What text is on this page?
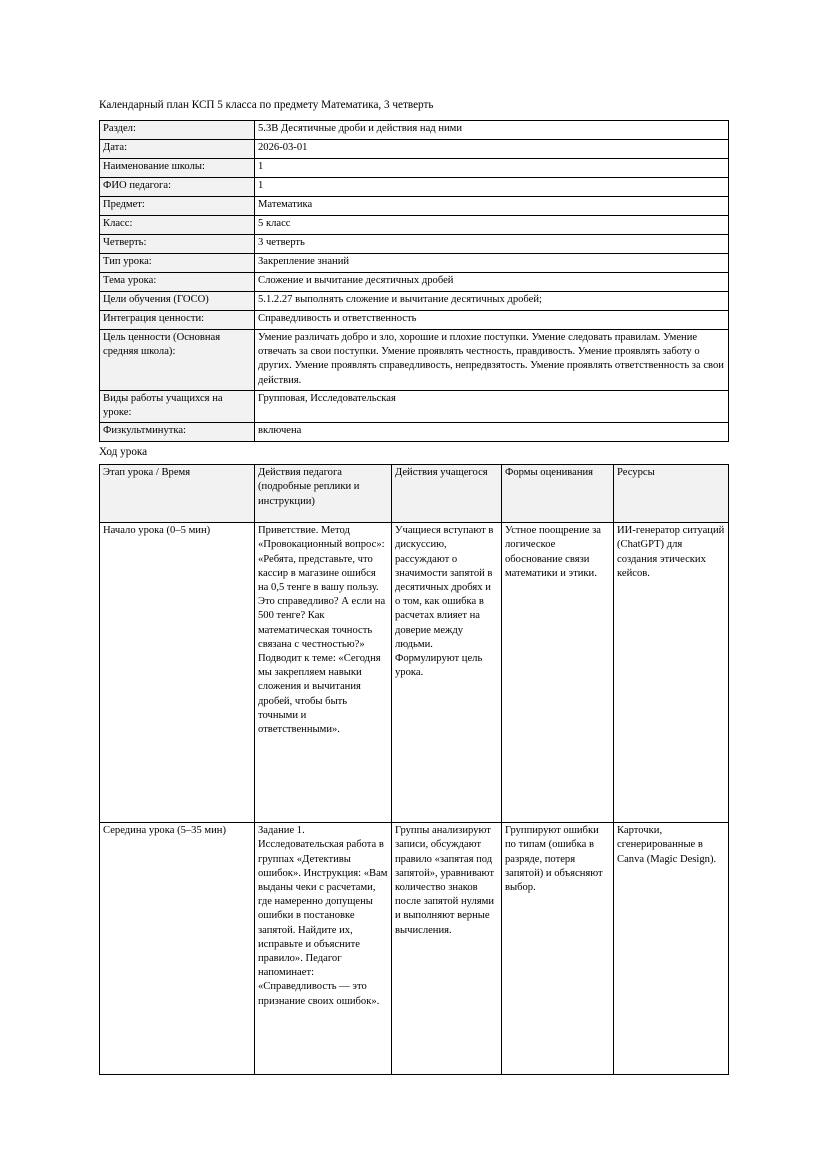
Календарный план КСП 5 класса по предмету Математика, 3 четверть
Раздел:	5.3В Десятичные дроби и действия над ними
Дата:	2026-03-01
Наименование школы:	1
ФИО педагога:	1
Предмет:	Математика
Класс:	5 класс
Четверть:	3 четверть
Тип урока:	Закрепление знаний
Тема урока:	Сложение и вычитание десятичных дробей
Цели обучения (ГОСО)	5.1.2.27 выполнять сложение и вычитание десятичных дробей;
Интеграция ценности:	Справедливость и ответственность
Цель ценности (Основная средняя школа):	Умение различать добро и зло, хорошие и плохие поступки. Умение следовать правилам. Умение отвечать за свои поступки. Умение проявлять честность, правдивость. Умение проявлять заботу о других. Умение проявлять справедливость, непредвзятость. Умение проявлять ответственность за свои действия.
Виды работы учащихся на уроке:	Групповая, Исследовательская
Физкультминутка:	включена
Ход урока
Этап урока / Время	Действия педагога (подробные реплики и инструкции)	Действия учащегося	Формы оценивания	Ресурсы
Начало урока (0–5 мин)	Приветствие. Метод «Провокационный вопрос»: «Ребята, представьте, что кассир в магазине ошибся на 0,5 тенге в вашу пользу. Это справедливо? А если на 500 тенге? Как математическая точность связана с честностью?» Подводит к теме: «Сегодня мы закрепляем навыки сложения и вычитания дробей, чтобы быть точными и ответственными».	Учащиеся вступают в дискуссию, рассуждают о значимости запятой в десятичных дробях и о том, как ошибка в расчетах влияет на доверие между людьми. Формулируют цель урока.	Устное поощрение за логическое обоснование связи математики и этики.	ИИ-генератор ситуаций (ChatGPT) для создания этических кейсов.
Середина урока (5–35 мин)	Задание 1. Исследовательская работа в группах «Детективы ошибок». Инструкция: «Вам выданы чеки с расчетами, где намеренно допущены ошибки в постановке запятой. Найдите их, исправьте и объясните правило». Педагог напоминает: «Справедливость — это признание своих ошибок».	Группы анализируют записи, обсуждают правило «запятая под запятой», уравнивают количество знаков после запятой нулями и выполняют верные вычисления.	Группируют ошибки по типам (ошибка в разряде, потеря запятой) и объясняют выбор.	Карточки, сгенерированные в Canva (Magic Design).
